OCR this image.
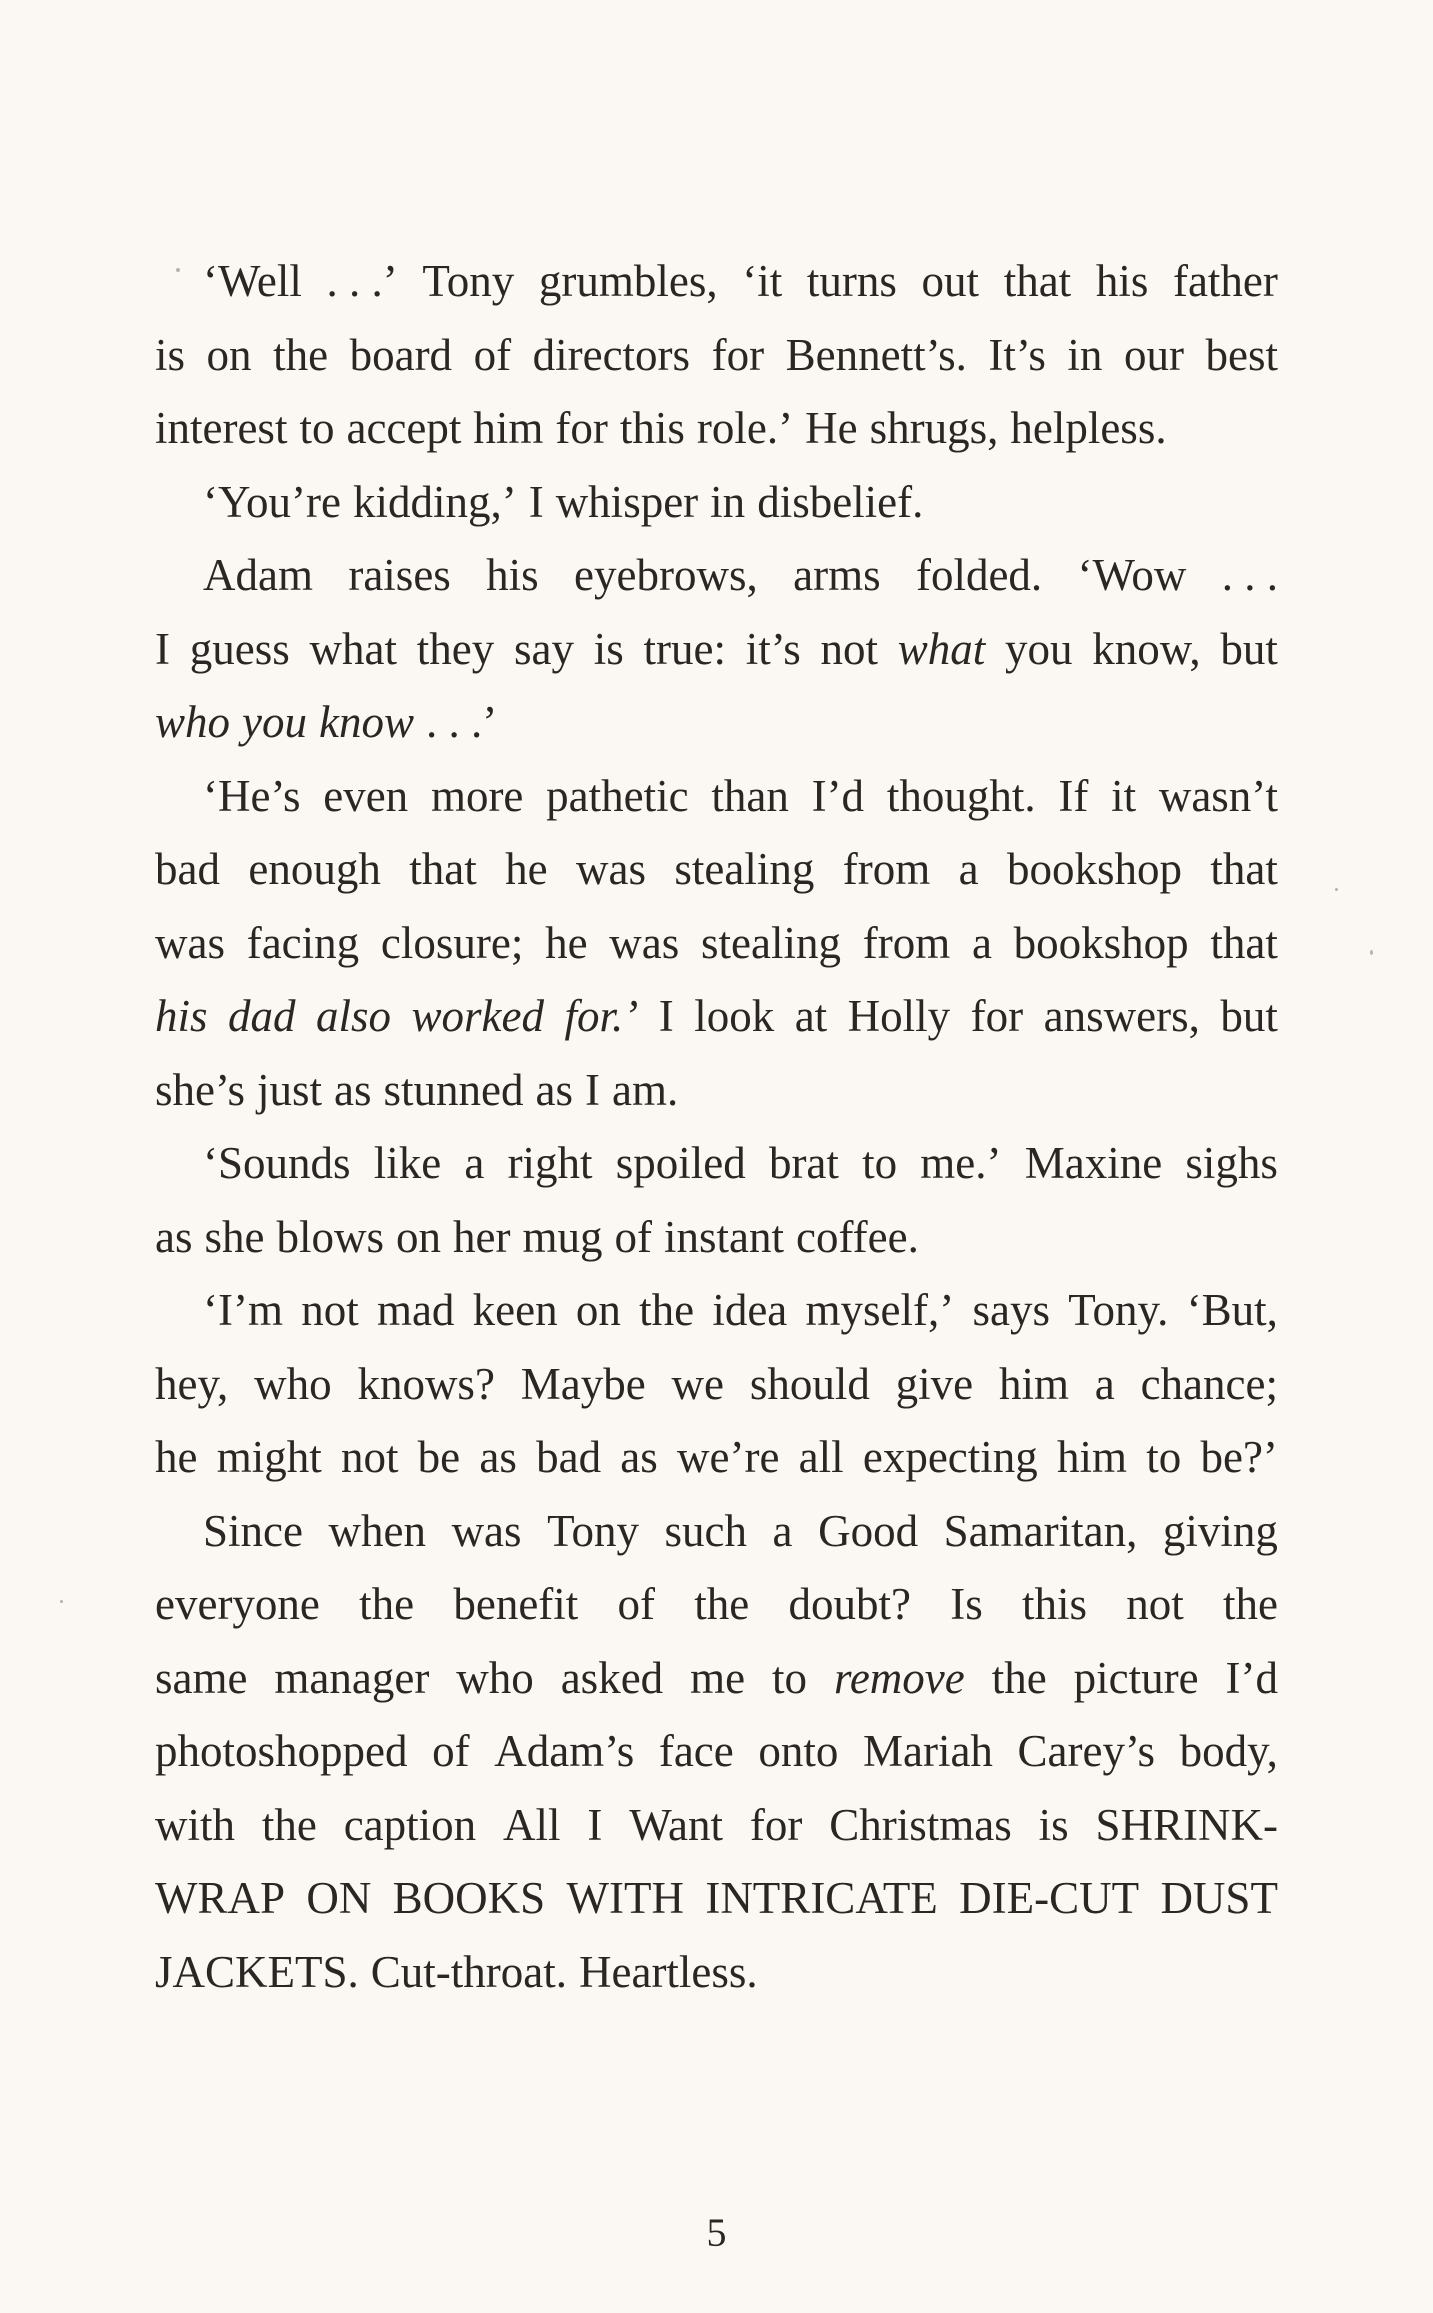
‘Well . . .’ Tony grumbles, ‘it turns out that his father
is on the board of directors for Bennett’s. It’s in our best
interest to accept him for this role.’ He shrugs, helpless.
‘You’re kidding,’ I whisper in disbelief.
Adam raises his eyebrows, arms folded. ‘Wow . . .
I guess what they say is true: it’s not what you know, but
who you know . . .’
‘He’s even more pathetic than I’d thought. If it wasn’t
bad enough that he was stealing from a bookshop that
was facing closure; he was stealing from a bookshop that
his dad also worked for.’ I look at Holly for answers, but
she’s just as stunned as I am.
‘Sounds like a right spoiled brat to me.’ Maxine sighs
as she blows on her mug of instant coffee.
‘I’m not mad keen on the idea myself,’ says Tony. ‘But,
hey, who knows? Maybe we should give him a chance;
he might not be as bad as we’re all expecting him to be?’
Since when was Tony such a Good Samaritan, giving
everyone the benefit of the doubt? Is this not the
same manager who asked me to remove the picture I’d
photoshopped of Adam’s face onto Mariah Carey’s body,
with the caption All I Want for Christmas is SHRINK-
WRAP ON BOOKS WITH INTRICATE DIE-CUT DUST
JACKETS. Cut-throat. Heartless.
5
